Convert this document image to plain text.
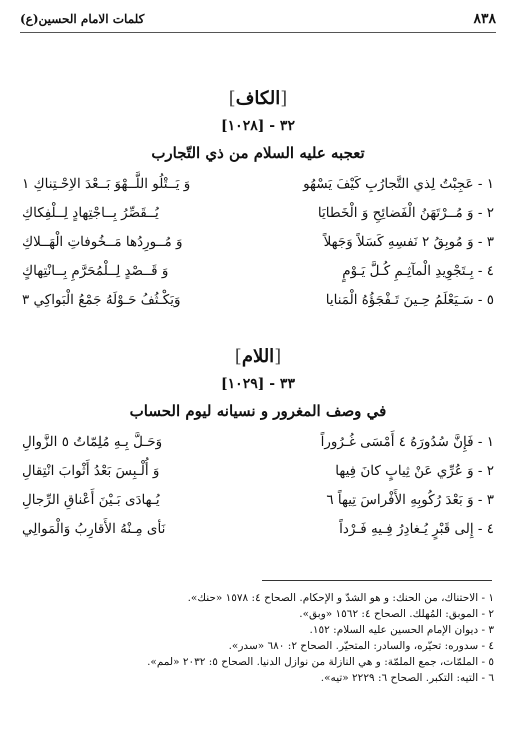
٨٣٨
كلمات الامام الحسين(ع)
[الكاف]
[١٠٢٨] - ٣٢
تعجبه عليه السلام من ذي التّجارب
١ - عَجِبْتُ لِذي التَّجارُبِ كَيْفَ يَسْهُو
وَ يَــتْلُو اللَّــهْوَ بَــعْدَ الاِحْـتِناكِ ١
٢ - وَ مُــرْتَهَنُ الْفَضائِحِ وَ الْخَطايَا
يُــقَصِّرُ بِــاجْتِهادٍ لِــلْفِكاكِ
٣ - وَ مُوبِقُ ٢ نَفسِهِ كَسَلاً وَجَهلاً
وَ مُــورِدُها مَــخُوفاتِ الْهَــلاكِ
٤ - بِـتَجْوِيدِ الْمآثِـمِ كُـلَّ يَـوْمٍ
وَ قَــصْدٍ لِــلْمُحَرَّمِ بِــانْتِهاكٍ
٥ - سَـيَعْلَمُ حِـينَ تَـفْجَؤُهُ الْمَنايا
وَيَكْـثُفُ حَـوْلَهُ جَمْعُ الْبَواكِي ٣
[اللام]
[١٠٢٩] - ٣٣
في وصف المغرور و نسيانه ليوم الحساب
١ - فَإِنَّ سُدُورَهُ ٤ أَمْسَى غُـرُوراً
وَحَـلَّ بِـهِ مُلِمّاتُ ٥ الزَّوالِ
٢ - وَ عُرِّي عَنْ ثِيابٍ كانَ فِيها
وَ أُلْـبِسَ بَعْدُ أَثْوابَ انْتِقالِ
٣ - وَ بَعْدَ رُكُوبِهِ الأَفْراسَ تِيهاً ٦
يُـهادَى بَـيْنَ أَعْناقِ الرِّجالِ
٤ - إِلى قَبْرٍ يُـغادِرُ فِـيهِ فَـرْداً
نَأى مِـنْهُ الأَقارِبُ وَالْمَوالِي
١ - الاحتناك، من الحنك: و هو الشدّ و الإحكام. الصحاح ٤: ١٥٧٨ «حنك».
٢ - الموبق: المُهلك. الصحاح ٤: ١٥٦٢ «وبق».
٣ - ديوان الإمام الحسين عليه السلام: ١٥٢.
٤ - سدوره: تحيّره، والسادر: المتحيّر. الصحاح ٢: ٦٨٠ «سدر».
٥ - الملمّات، جمع الملمّة: و هي النازلة من نوازل الدنيا. الصحاح ٥: ٢٠٣٢ «لمم».
٦ - التيه: التكبر. الصحاح ٦: ٢٢٢٩ «تيه».
